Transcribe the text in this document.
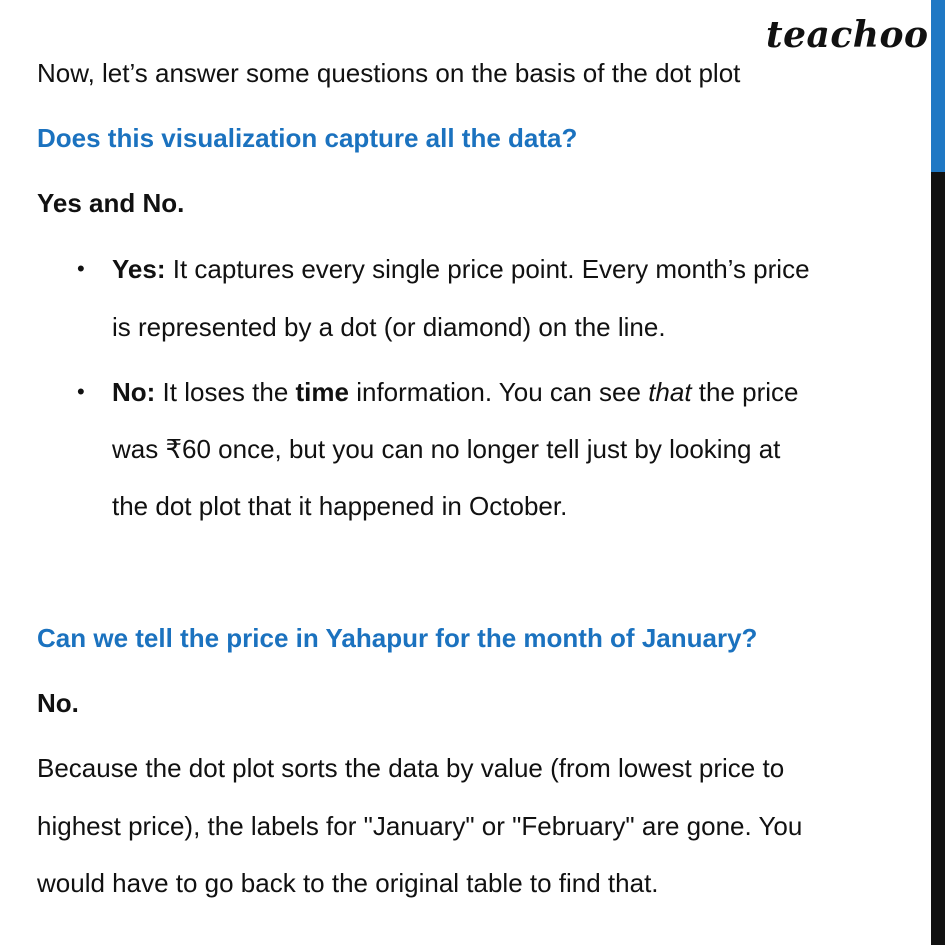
teachoo
Now, let’s answer some questions on the basis of the dot plot
Does this visualization capture all the data?
Yes and No.
• Yes: It captures every single price point. Every month’s price
is represented by a dot (or diamond) on the line.
• No: It loses the time information. You can see that the price
was ₹60 once, but you can no longer tell just by looking at
the dot plot that it happened in October.
Can we tell the price in Yahapur for the month of January?
No.
Because the dot plot sorts the data by value (from lowest price to
highest price), the labels for "January" or "February" are gone. You
would have to go back to the original table to find that.
